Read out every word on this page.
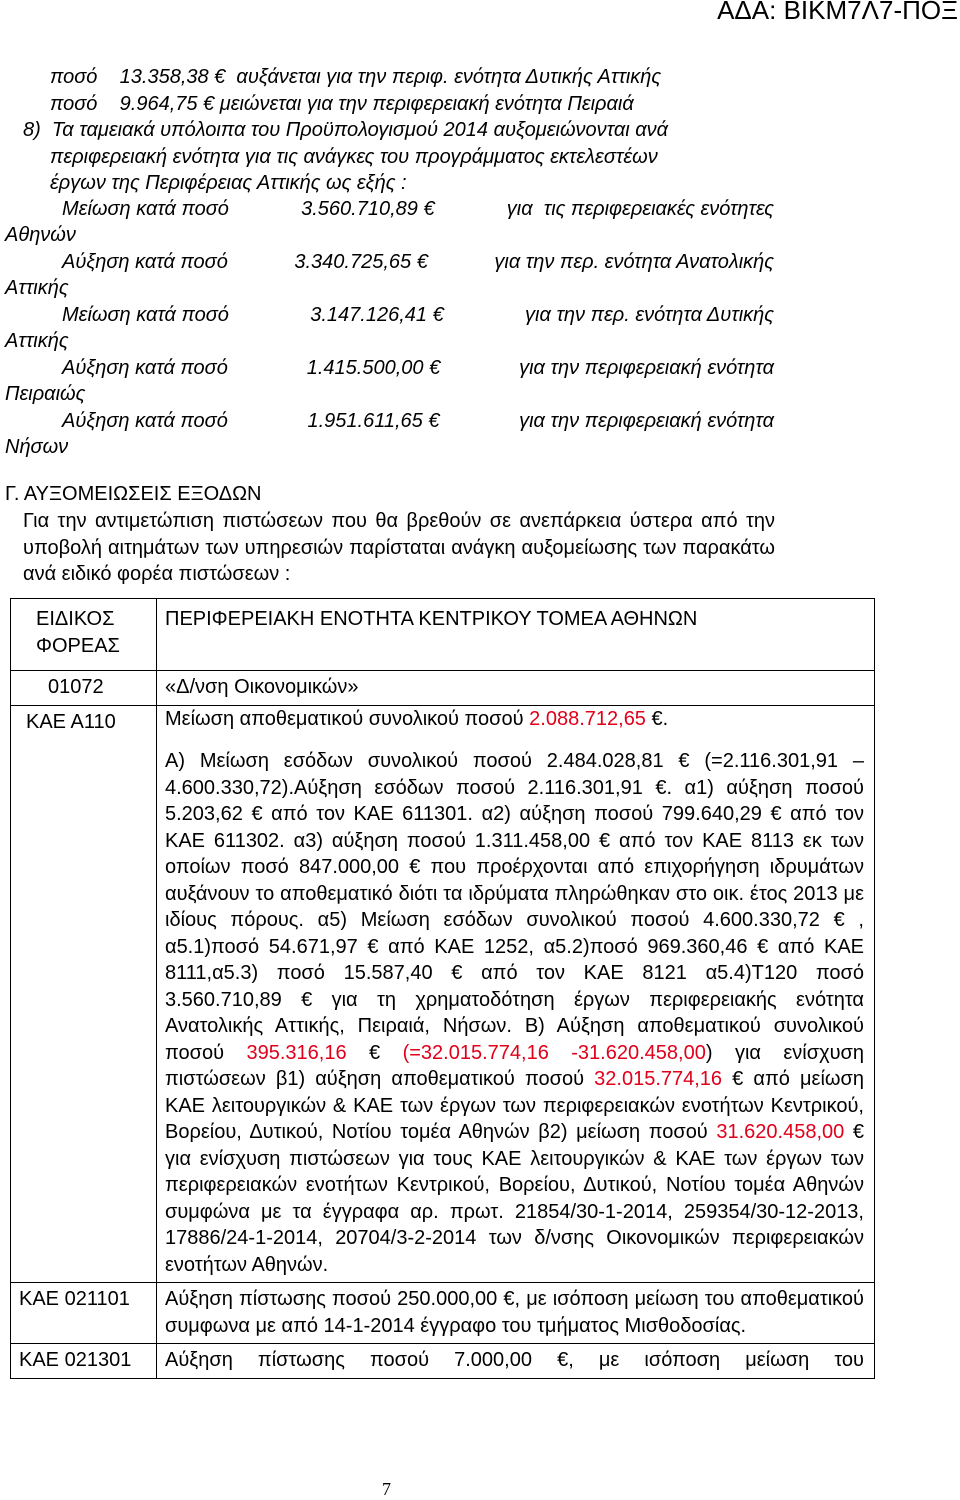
ΑΔΑ: ΒΙΚΜ7Λ7-ΠΟΞ
ποσό    13.358,38 €  αυξάνεται για την περιφ. ενότητα Δυτικής Αττικής
ποσό    9.964,75 € μειώνεται για την περιφερειακή ενότητα Πειραιά
8)  Τα ταμειακά υπόλοιπα του Προϋπολογισμού 2014 αυξομειώνονται ανά
περιφερειακή ενότητα για τις ανάγκες του προγράμματος εκτελεστέων
έργων της Περιφέρειας Αττικής ως εξής :
Μείωση κατά ποσό	3.560.710,89 €	για  τις περιφερειακές ενότητες
Αθηνών
Αύξηση κατά ποσό	3.340.725,65 €	για την περ. ενότητα Ανατολικής
Αττικής
Μείωση κατά ποσό	3.147.126,41 €	για την περ. ενότητα Δυτικής
Αττικής
Αύξηση κατά ποσό	1.415.500,00 €	για την περιφερειακή ενότητα
Πειραιώς
Αύξηση κατά ποσό	1.951.611,65 €	για την περιφερειακή ενότητα
Νήσων
Γ. ΑΥΞΟΜΕΙΩΣΕΙΣ ΕΞΟΔΩΝ
Για την αντιμετώπιση πιστώσεων που θα βρεθούν σε ανεπάρκεια ύστερα από την υποβολή αιτημάτων των υπηρεσιών παρίσταται ανάγκη αυξομείωσης των παρακάτω ανά ειδικό φορέα πιστώσεων :
ΕΙΔΙΚΟΣ ΦΟΡΕΑΣ	ΠΕΡΙΦΕΡΕΙΑΚΗ ΕΝΟΤΗΤΑ ΚΕΝΤΡΙΚΟΥ ΤΟΜΕΑ ΑΘΗΝΩΝ

01072	«Δ/νση Οικονομικών»

ΚΑΕ Α110	Μείωση αποθεματικού συνολικού ποσού 2.088.712,65 €.
Α) Μείωση εσόδων συνολικού ποσού 2.484.028,81 € (=2.116.301,91 – 4.600.330,72).Αύξηση εσόδων ποσού 2.116.301,91 €. α1) αύξηση ποσού 5.203,62 € από τον ΚΑΕ 611301. α2) αύξηση ποσού 799.640,29 € από τον ΚΑΕ 611302. α3) αύξηση ποσού 1.311.458,00 € από τον ΚΑΕ 8113 εκ των οποίων ποσό 847.000,00 € που προέρχονται από επιχορήγηση ιδρυμάτων αυξάνουν το αποθεματικό διότι τα ιδρύματα πληρώθηκαν στο οικ. έτος 2013 με ιδίους πόρους. α5) Μείωση εσόδων συνολικού ποσού 4.600.330,72 € , α5.1)ποσό 54.671,97 € από ΚΑΕ 1252, α5.2)ποσό 969.360,46 € από ΚΑΕ 8111,α5.3) ποσό 15.587,40 € από τον ΚΑΕ 8121 α5.4)Τ120 ποσό 3.560.710,89 € για τη χρηματοδότηση έργων περιφερειακής ενότητα Ανατολικής Αττικής, Πειραιά, Νήσων. Β) Αύξηση αποθεματικού συνολικού ποσού 395.316,16 € (=32.015.774,16 -31.620.458,00) για ενίσχυση πιστώσεων β1) αύξηση αποθεματικού ποσού 32.015.774,16 € από μείωση ΚΑΕ λειτουργικών & ΚΑΕ των έργων των περιφερειακών ενοτήτων Κεντρικού, Βορείου, Δυτικού, Νοτίου τομέα Αθηνών β2) μείωση ποσού 31.620.458,00 € για ενίσχυση πιστώσεων για τους ΚΑΕ λειτουργικών & ΚΑΕ των έργων των περιφερειακών ενοτήτων Κεντρικού, Βορείου, Δυτικού, Νοτίου τομέα Αθηνών συμφώνα με τα έγγραφα αρ. πρωτ. 21854/30-1-2014, 259354/30-12-2013, 17886/24-1-2014, 20704/3-2-2014 των δ/νσης Οικονομικών περιφερειακών ενοτήτων Αθηνών.

ΚΑΕ 021101	Αύξηση πίστωσης ποσού 250.000,00 €, με ισόποση μείωση του αποθεματικού συμφωνα με από 14-1-2014 έγγραφο του τμήματος Μισθοδοσίας.

ΚΑΕ 021301	Αύξηση πίστωσης ποσού 7.000,00 €, με ισόποση μείωση του
7
